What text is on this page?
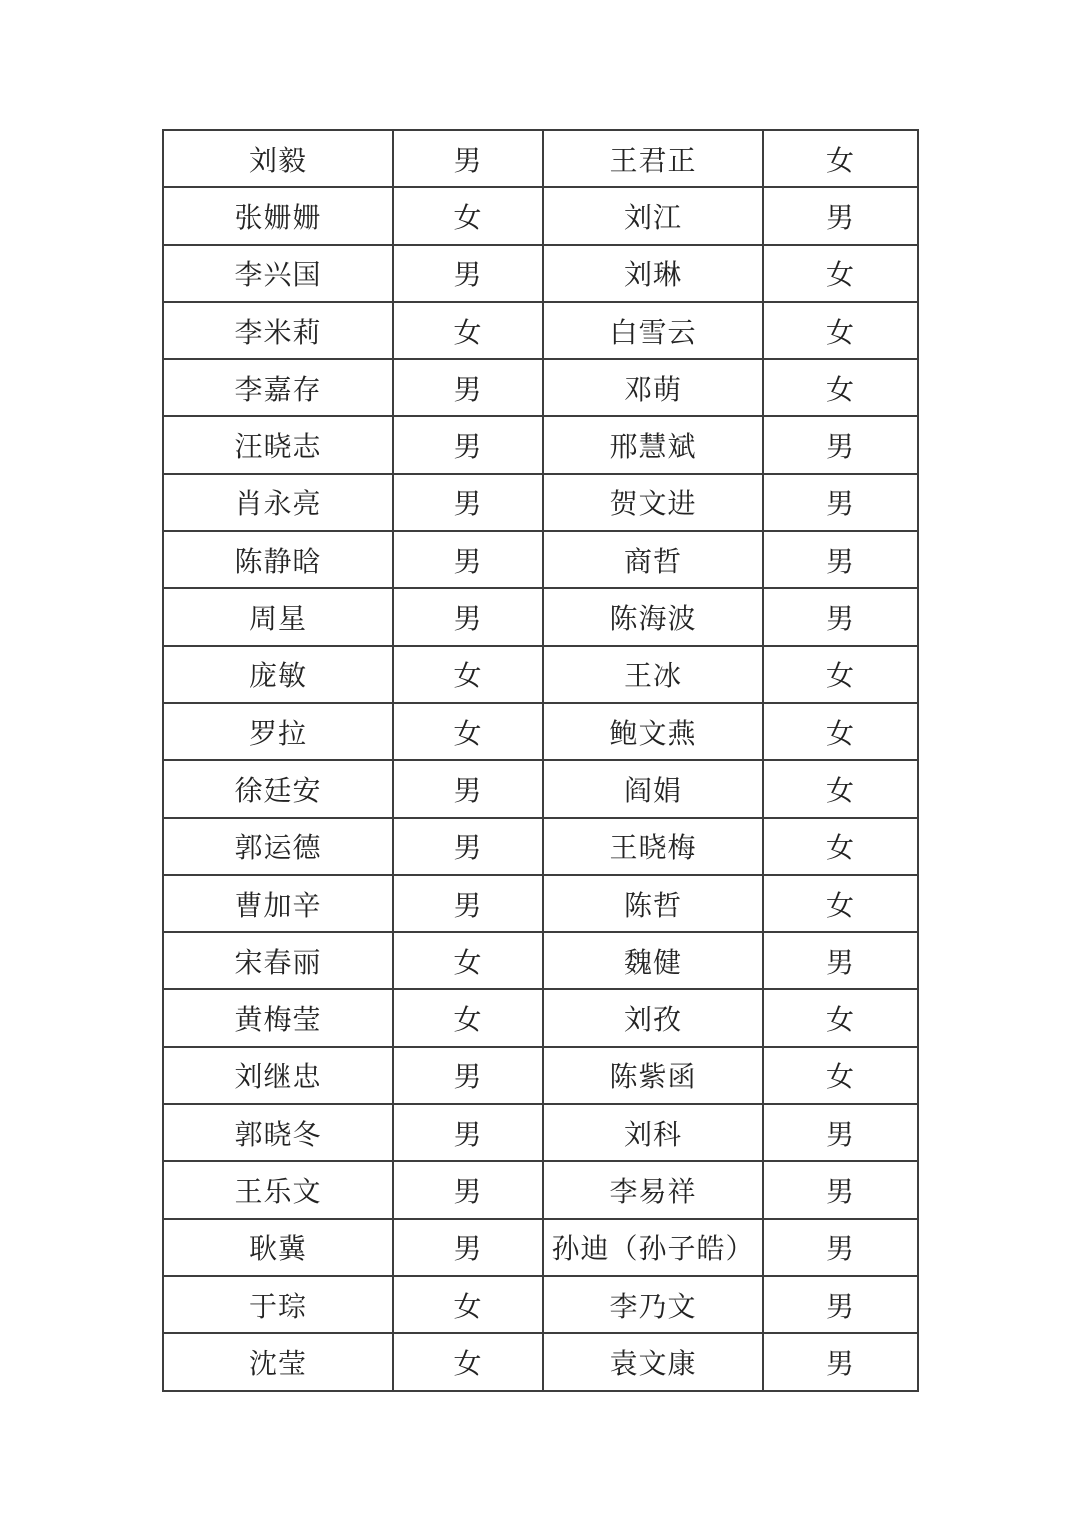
刘毅	男	王君正	女
张姗姗	女	刘江	男
李兴国	男	刘琳	女
李米莉	女	白雪云	女
李嘉存	男	邓萌	女
汪晓志	男	邢慧斌	男
肖永亮	男	贺文进	男
陈静晗	男	商哲	男
周星	男	陈海波	男
庞敏	女	王冰	女
罗拉	女	鲍文燕	女
徐廷安	男	阎娟	女
郭运德	男	王晓梅	女
曹加辛	男	陈哲	女
宋春丽	女	魏健	男
黄梅莹	女	刘孜	女
刘继忠	男	陈紫函	女
郭晓冬	男	刘科	男
王乐文	男	李易祥	男
耿冀	男	孙迪（孙子皓）	男
于琮	女	李乃文	男
沈莹	女	袁文康	男
